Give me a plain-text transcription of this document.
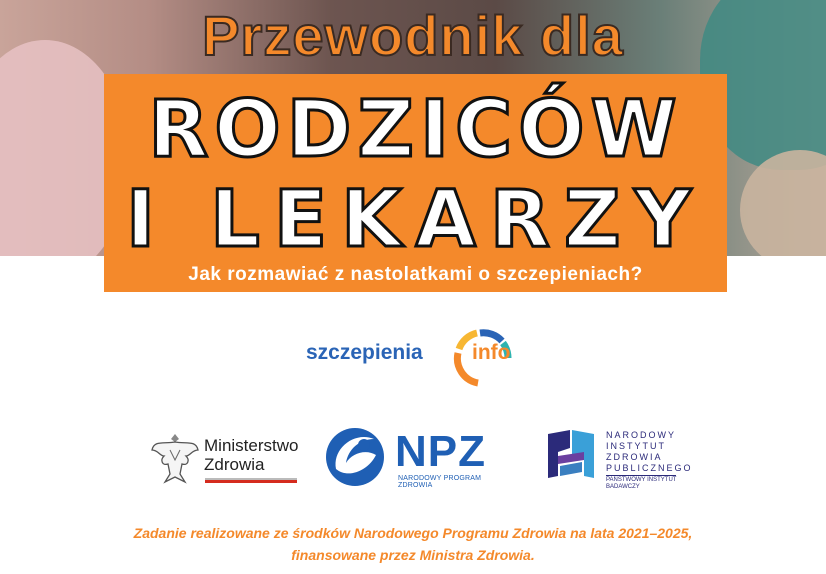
Przewodnik dla
RODZICÓW
I LEKARZY
Jak rozmawiać z nastolatkami o szczepieniach?
szczepienia info
Ministerstwo
Zdrowia	NPZ
NARODOWY PROGRAM ZDROWIA
NARODOWY
INSTYTUT
ZDROWIA
PUBLICZNEGO
PAŃSTWOWY INSTYTUT
BADAWCZY
Zadanie realizowane ze środków Narodowego Programu Zdrowia na lata 2021–2025,
finansowane przez Ministra Zdrowia.
